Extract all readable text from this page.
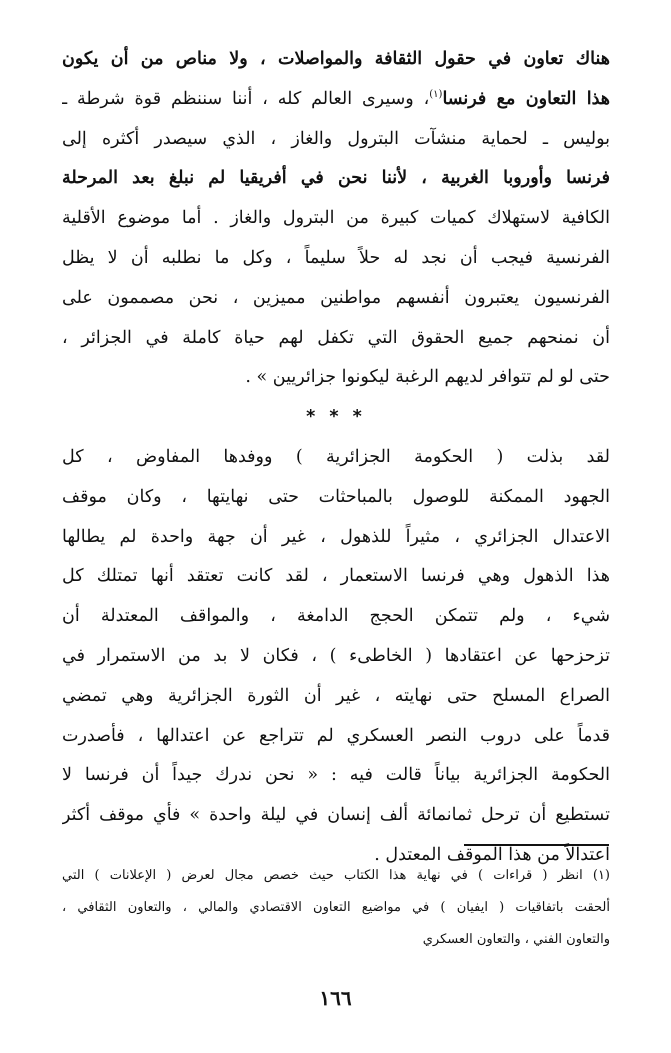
هناك تعاون في حقول الثقافة والمواصلات ، ولا مناص من أن يكون
هذا التعاون مع فرنسا$^{(١)}$، وسيرى العالم كله ، أننا سننظم قوة شرطة ـ
بوليس ـ لحماية منشآت البترول والغاز ، الذي سيصدر أكثره إلى
فرنسا وأوروبا الغربية ، لأننا نحن في أفريقيا لم نبلغ بعد المرحلة
الكافية لاستهلاك كميات كبيرة من البترول والغاز . أما موضوع الأقلية
الفرنسية فيجب أن نجد له حلاً سليماً ، وكل ما نطلبه أن لا يظل
الفرنسيون يعتبرون أنفسهم مواطنين مميزين ، نحن مصممون على
أن نمنحهم جميع الحقوق التي تكفل لهم حياة كاملة في الجزائر ،
حتى لو لم تتوافر لديهم الرغبة ليكونوا جزائريين » .
* * *
لقد بذلت ( الحكومة الجزائرية ) ووفدها المفاوض ، كل
الجهود الممكنة للوصول بالمباحثات حتى نهايتها ، وكان موقف
الاعتدال الجزائري ، مثيراً للذهول ، غير أن جهة واحدة لم يطالها
هذا الذهول وهي فرنسا الاستعمار ، لقد كانت تعتقد أنها تمتلك كل
شيء ، ولم تتمكن الحجج الدامغة ، والمواقف المعتدلة أن
تزحزحها عن اعتقادها ( الخاطىء ) ، فكان لا بد من الاستمرار في
الصراع المسلح حتى نهايته ، غير أن الثورة الجزائرية وهي تمضي
قدماً على دروب النصر العسكري لم تتراجع عن اعتدالها ، فأصدرت
الحكومة الجزائرية بياناً قالت فيه : « نحن ندرك جيداً أن فرنسا لا
تستطيع أن ترحل ثمانمائة ألف إنسان في ليلة واحدة » فأي موقف أكثر
اعتدالاً من هذا الموقف المعتدل .
(١) انظر ( قراءات ) في نهاية هذا الكتاب حيث خصص مجال لعرض ( الإعلانات ) التي
ألحقت باتفاقيات ( ايفيان ) في مواضيع التعاون الاقتصادي والمالي ، والتعاون الثقافي ،
والتعاون الفني ، والتعاون العسكري
١٦٦
